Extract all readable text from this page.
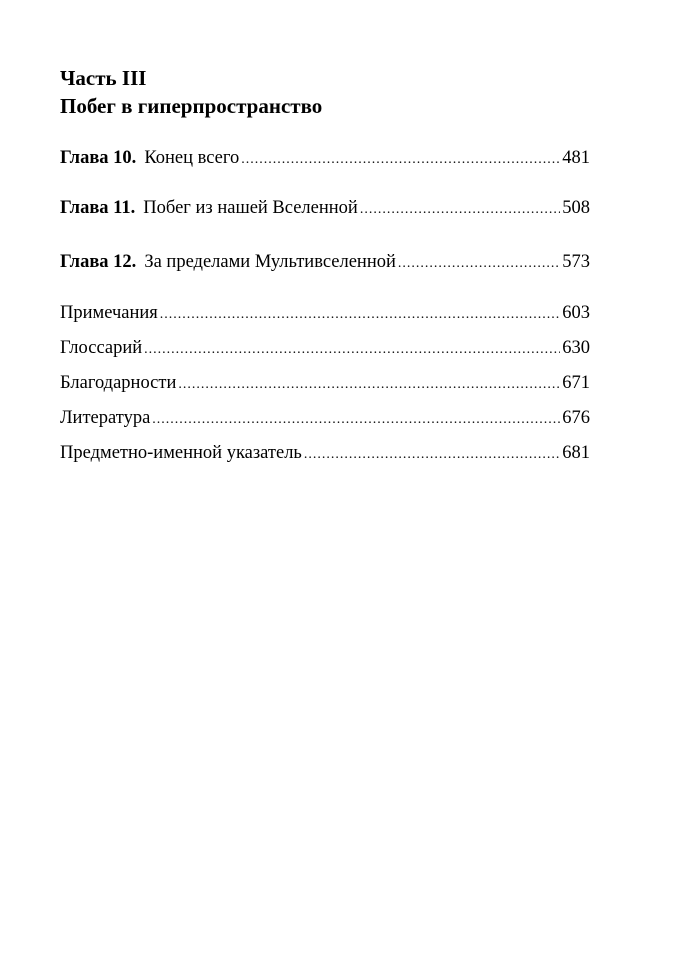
Часть III
Побег в гиперпространство
Глава 10. Конец всего .....	481
Глава 11. Побег из нашей Вселенной .....	508
Глава 12. За пределами Мультивселенной .....	573
Примечания .....	603
Глоссарий .....	630
Благодарности .....	671
Литература .....	676
Предметно-именной указатель .....	681
